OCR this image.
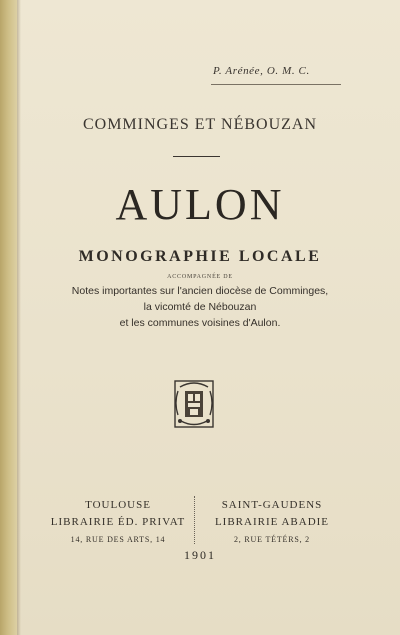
P. Arénée, O. M. C.
COMMINGES ET NÉBOUZAN
AULON
MONOGRAPHIE LOCALE
ACCOMPAGNÉE DE
Notes importantes sur l'ancien diocèse de Comminges,
la vicomté de Nébouzan
et les communes voisines d'Aulon.
TOULOUSE
LIBRAIRIE ÉD. PRIVAT
14, RUE DES ARTS, 14
SAINT-GAUDENS
LIBRAIRIE ABADIE
2, RUE TÉTÉRS, 2
1901
